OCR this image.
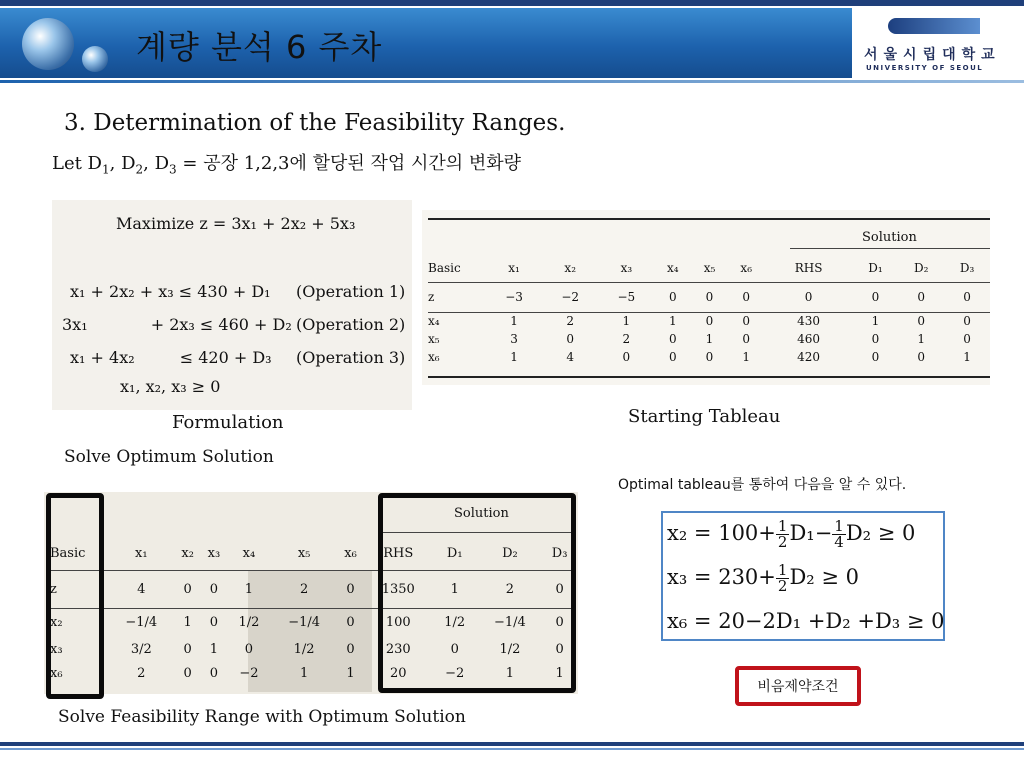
계량 분석 6 주차	서울시립대학교
UNIVERSITY OF SEOUL
3. Determination of the Feasibility Ranges.
Let $D_1$, $D_2$, $D_3$ = 공장 1,2,3에 할당된 작업 시간의 변화량
Maximize z = 3x₁ + 2x₂ + 5x₃
x₁ + 2x₂ + x₃ ≤ 430 + D₁ (Operation 1)
3x₁	+ 2x₃ ≤ 460 + D₂ (Operation 2)
x₁ + 4x₂	≤ 420 + D₃ (Operation 3)
x₁, x₂, x₃ ≥ 0
Formulation
Solution
Basic	x₁	x₂	x₃	x₄	x₅	x₆	RHS	D₁	D₂	D₃
z	−3	−2	−5	0	0	0	0	0	0	0
x₄	1	2	1	1	0	0	430	1	0	0
x₅	3	0	2	0	1	0	460	0	1	0
x₆	1	4	0	0	0	1	420	0	0	1
Starting Tableau
Solve Optimum Solution
Optimal tableau를 통하여 다음을 알 수 있다.
Solution
Basic	x₁	x₂	x₃	x₄	x₅	x₆	RHS	D₁	D₂	D₃
z	4	0	0	1	2	0	1350	1	2	0
x₂	−1/4	1	0	1/2	−1/4	0	100	1/2	−1/4	0
x₃	3/2	0	1	0	1/2	0	230	0	1/2	0
x₆	2	0	0	−2	1	1	20	−2	1	1
Solve Feasibility Range with Optimum Solution
$x_2 = 100+ \frac{1}{2} D_1- \frac{1}{4} D_2 \ge 0$
$x_3 = 230+ \frac{1}{2} D_2 \ge 0$
x₆ = 20−2D₁ +D₂ +D₃ ≥ 0
비음제약조건
